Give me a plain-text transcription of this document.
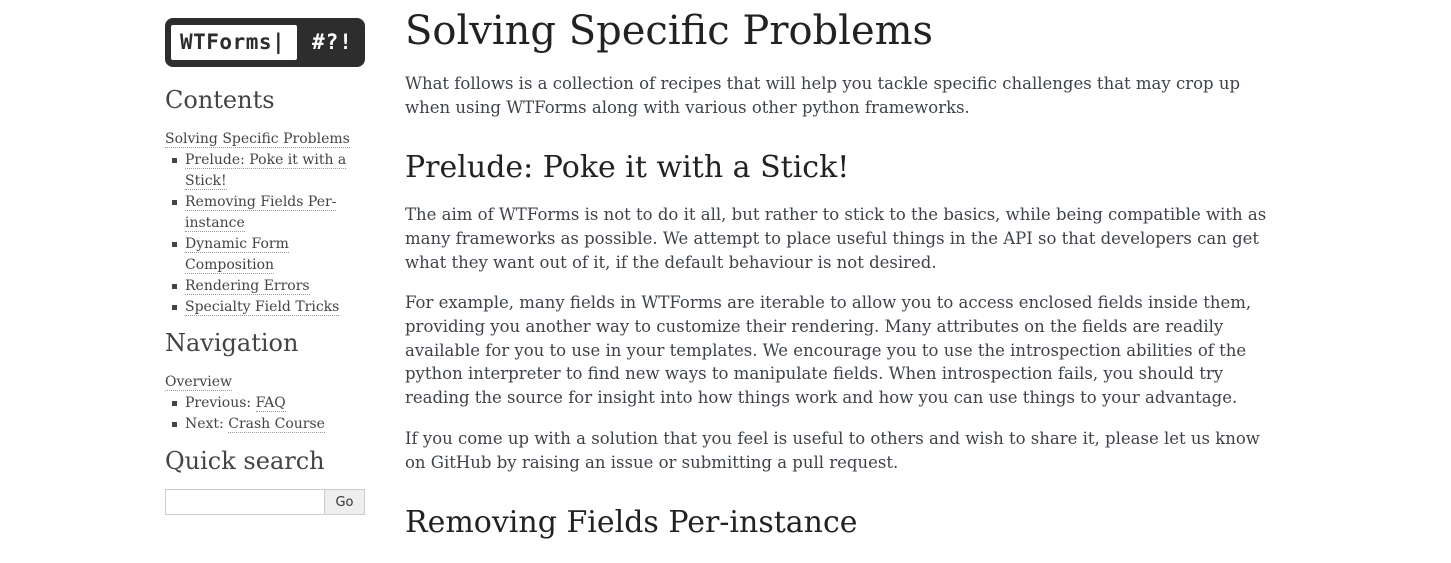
WTForms|	#?!
Contents
Solving Specific Problems
Prelude: Poke it with a Stick!
Removing Fields Per-instance
Dynamic Form Composition
Rendering Errors
Specialty Field Tricks
Navigation
Overview
Previous: FAQ
Next: Crash Course
Quick search
Go
Solving Specific Problems

What follows is a collection of recipes that will help you tackle specific challenges that may crop up when using WTForms along with various other python frameworks.

Prelude: Poke it with a Stick!

The aim of WTForms is not to do it all, but rather to stick to the basics, while being compatible with as many frameworks as possible. We attempt to place useful things in the API so that developers can get what they want out of it, if the default behaviour is not desired.

For example, many fields in WTForms are iterable to allow you to access enclosed fields inside them, providing you another way to customize their rendering. Many attributes on the fields are readily available for you to use in your templates. We encourage you to use the introspection abilities of the python interpreter to find new ways to manipulate fields. When introspection fails, you should try reading the source for insight into how things work and how you can use things to your advantage.

If you come up with a solution that you feel is useful to others and wish to share it, please let us know on GitHub by raising an issue or submitting a pull request.

Removing Fields Per-instance
